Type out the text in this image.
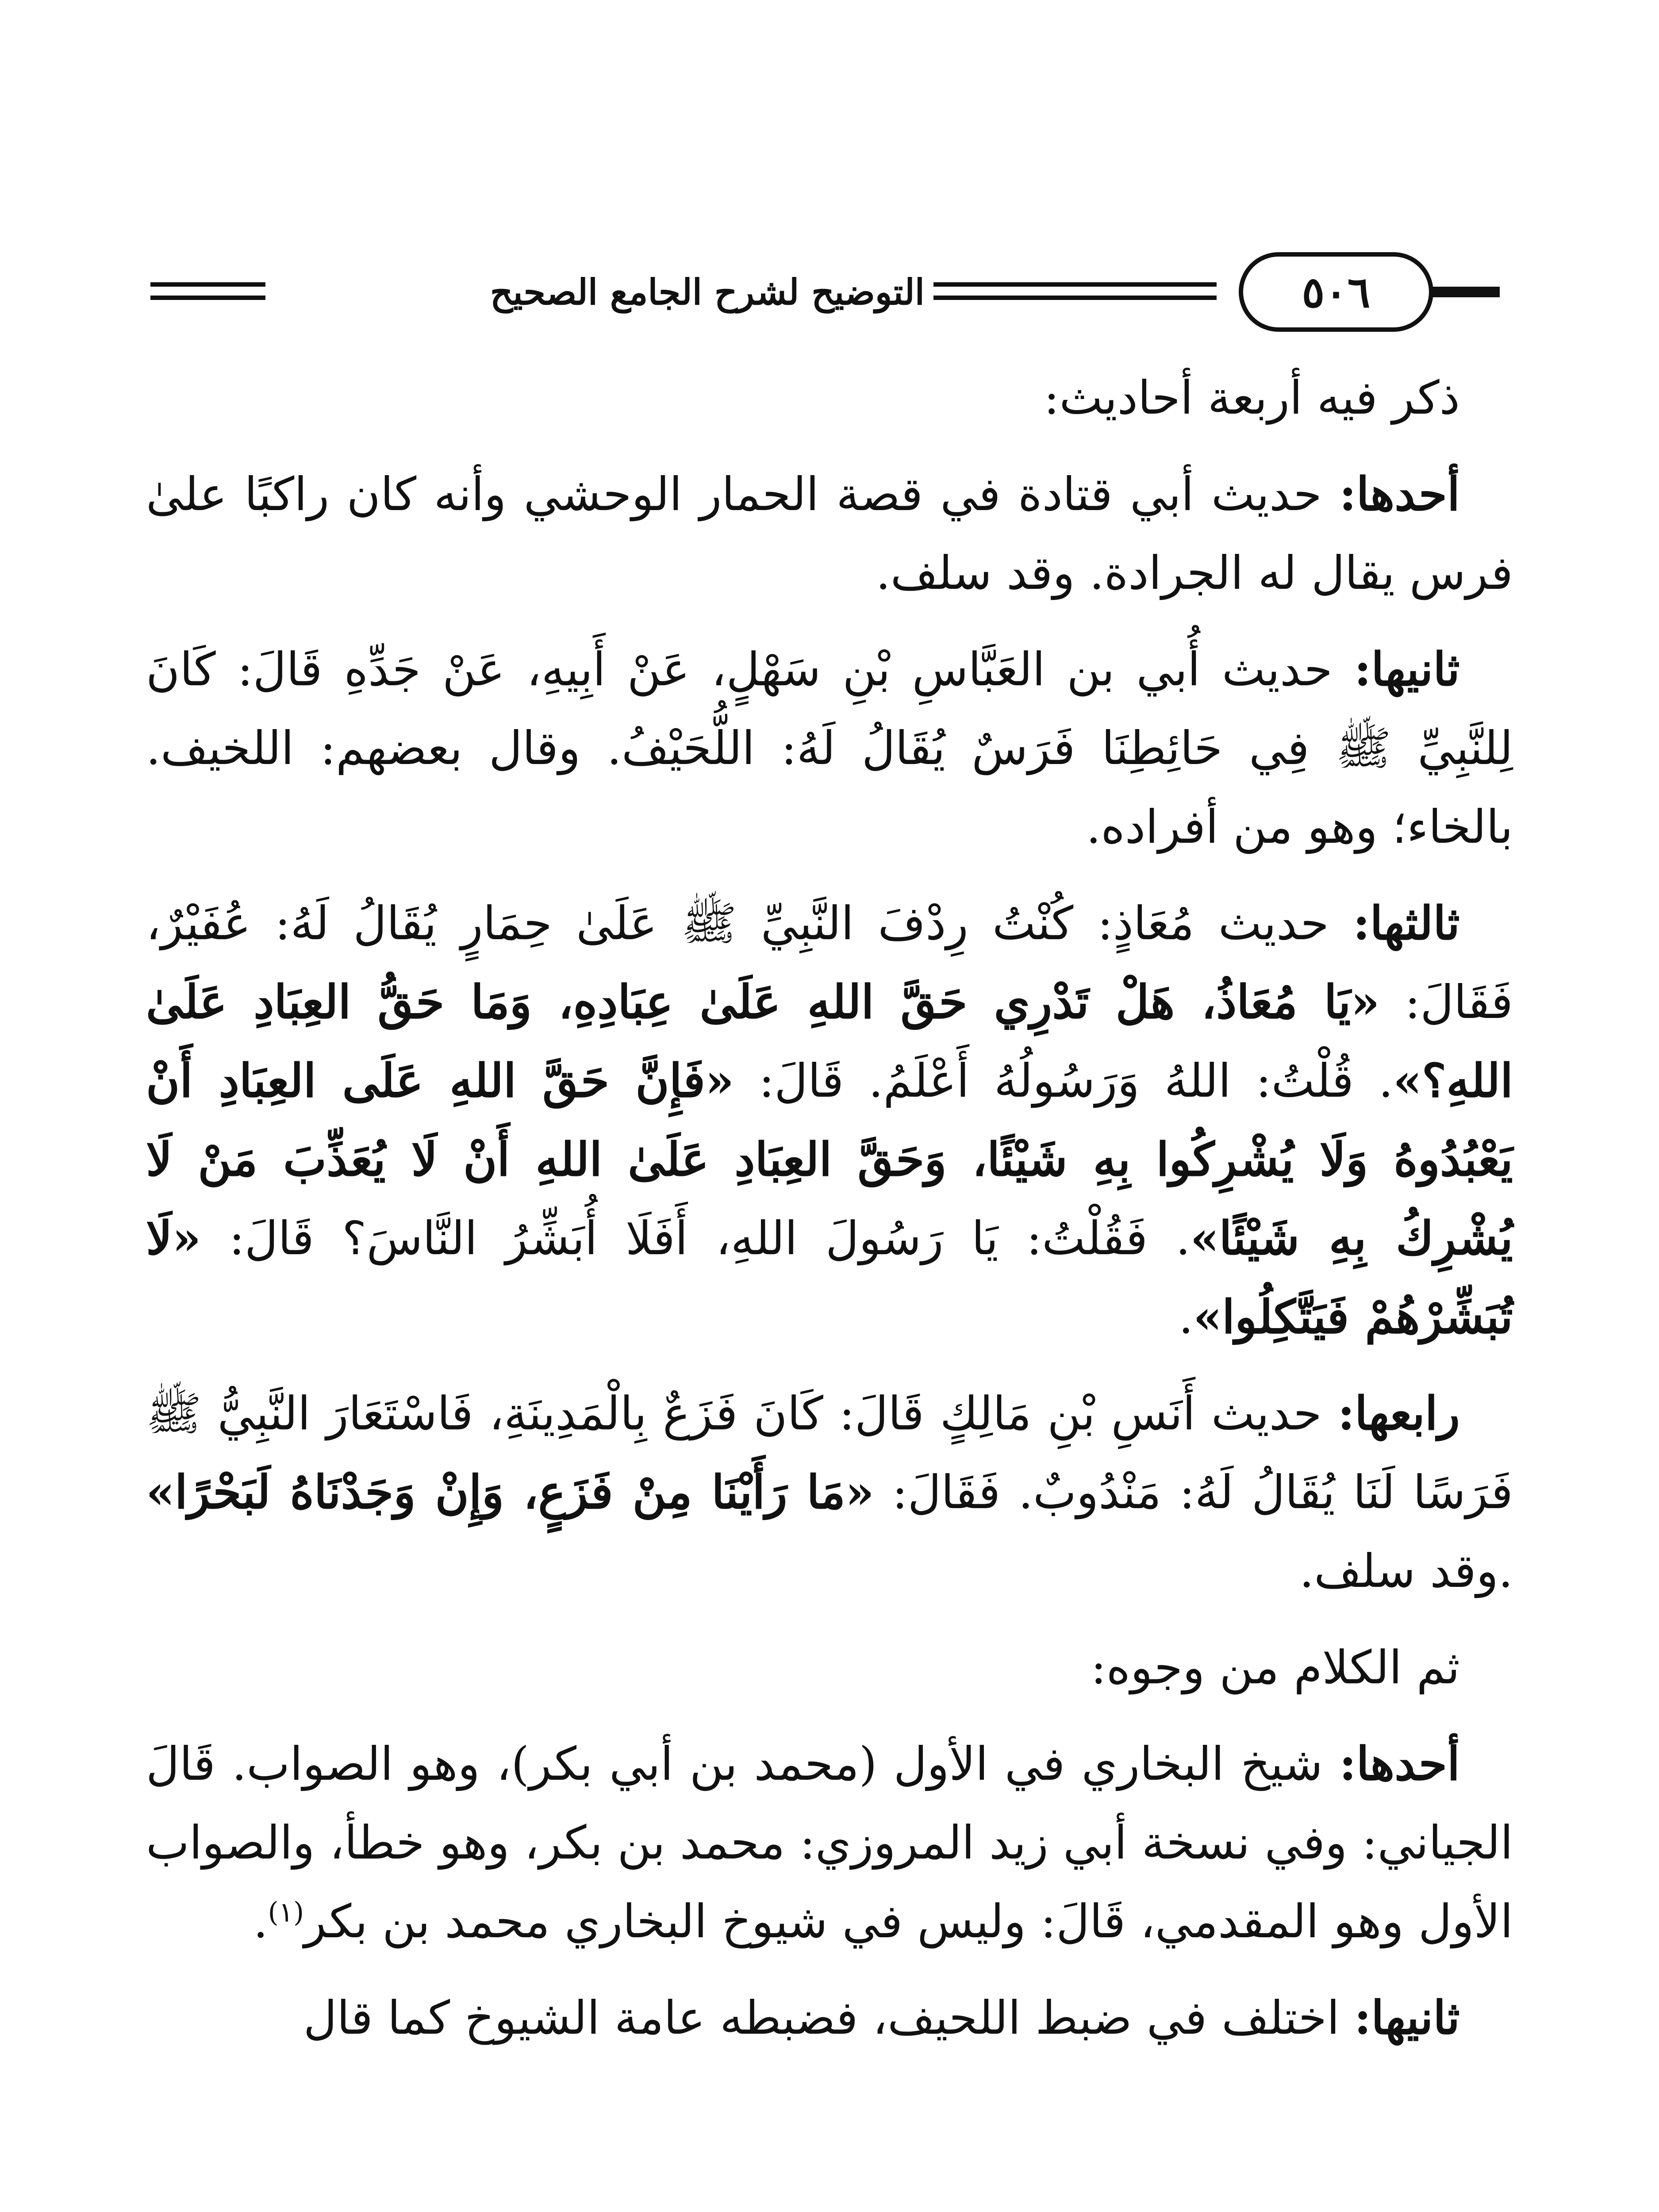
٥٠٦
التوضيح لشرح الجامع الصحيح

ذكر فيه أربعة أحاديث:

أحدها: حديث أبي قتادة في قصة الحمار الوحشي وأنه كان راكبًا علىٰ فرس يقال له الجرادة. وقد سلف.

ثانيها: حديث أُبي بن العَبَّاسِ بْنِ سَهْلٍ، عَنْ أَبِيهِ، عَنْ جَدِّهِ قَالَ: كَانَ لِلنَّبِيِّ ﷺ فِي حَائِطِنَا فَرَسٌ يُقَالُ لَهُ: اللُّحَيْفُ. وقال بعضهم: اللخيف. بالخاء؛ وهو من أفراده.

ثالثها: حديث مُعَاذٍ: كُنْتُ رِدْفَ النَّبِيِّ ﷺ عَلَىٰ حِمَارٍ يُقَالُ لَهُ: عُفَيْرٌ، فَقَالَ: «يَا مُعَاذُ، هَلْ تَدْرِي حَقَّ اللهِ عَلَىٰ عِبَادِهِ، وَمَا حَقُّ العِبَادِ عَلَىٰ اللهِ؟». قُلْتُ: اللهُ وَرَسُولُهُ أَعْلَمُ. قَالَ: «فَإِنَّ حَقَّ اللهِ عَلَى العِبَادِ أَنْ يَعْبُدُوهُ وَلَا يُشْرِكُوا بِهِ شَيْئًا، وَحَقَّ العِبَادِ عَلَىٰ اللهِ أَنْ لَا يُعَذِّبَ مَنْ لَا يُشْرِكُ بِهِ شَيْئًا». فَقُلْتُ: يَا رَسُولَ اللهِ، أَفَلَا أُبَشِّرُ النَّاسَ؟ قَالَ: «لَا تُبَشِّرْهُمْ فَيَتَّكِلُوا».

رابعها: حديث أَنَسِ بْنِ مَالِكٍ قَالَ: كَانَ فَزَعٌ بِالْمَدِينَةِ، فَاسْتَعَارَ النَّبِيُّ ﷺ فَرَسًا لَنَا يُقَالُ لَهُ: مَنْدُوبٌ. فَقَالَ: «مَا رَأَيْنَا مِنْ فَزَعٍ، وَإِنْ وَجَدْنَاهُ لَبَحْرًا» .وقد سلف.

ثم الكلام من وجوه:

أحدها: شيخ البخاري في الأول (محمد بن أبي بكر)، وهو الصواب. قَالَ الجياني: وفي نسخة أبي زيد المروزي: محمد بن بكر، وهو خطأ، والصواب الأول وهو المقدمي، قَالَ: وليس في شيوخ البخاري محمد بن بكر$^{(١)}$.

ثانيها: اختلف في ضبط اللحيف، فضبطه عامة الشيوخ كما قال
